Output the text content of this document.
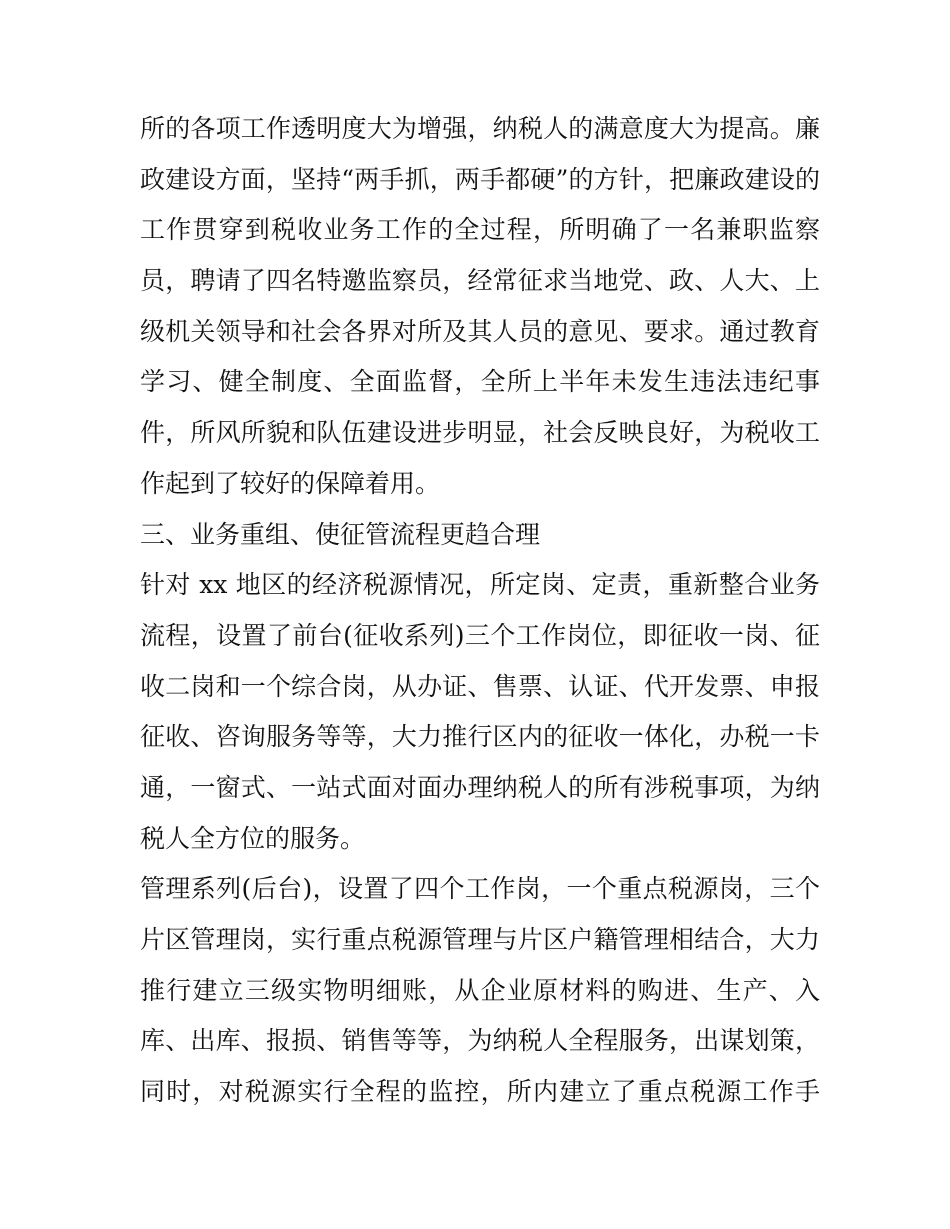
所的各项工作透明度大为增强，纳税人的满意度大为提高。廉
政建设方面，坚持“两手抓，两手都硬”的方针，把廉政建设的
工作贯穿到税收业务工作的全过程，所明确了一名兼职监察
员，聘请了四名特邀监察员，经常征求当地党、政、人大、上
级机关领导和社会各界对所及其人员的意见、要求。通过教育
学习、健全制度、全面监督，全所上半年未发生违法违纪事
件，所风所貌和队伍建设进步明显，社会反映良好，为税收工
作起到了较好的保障着用。
三、业务重组、使征管流程更趋合理
针对 xx 地区的经济税源情况，所定岗、定责，重新整合业务
流程，设置了前台(征收系列)三个工作岗位，即征收一岗、征
收二岗和一个综合岗，从办证、售票、认证、代开发票、申报
征收、咨询服务等等，大力推行区内的征收一体化，办税一卡
通，一窗式、一站式面对面办理纳税人的所有涉税事项，为纳
税人全方位的服务。
管理系列(后台)，设置了四个工作岗，一个重点税源岗，三个
片区管理岗，实行重点税源管理与片区户籍管理相结合，大力
推行建立三级实物明细账，从企业原材料的购进、生产、入
库、出库、报损、销售等等，为纳税人全程服务，出谋划策，
同时，对税源实行全程的监控，所内建立了重点税源工作手
